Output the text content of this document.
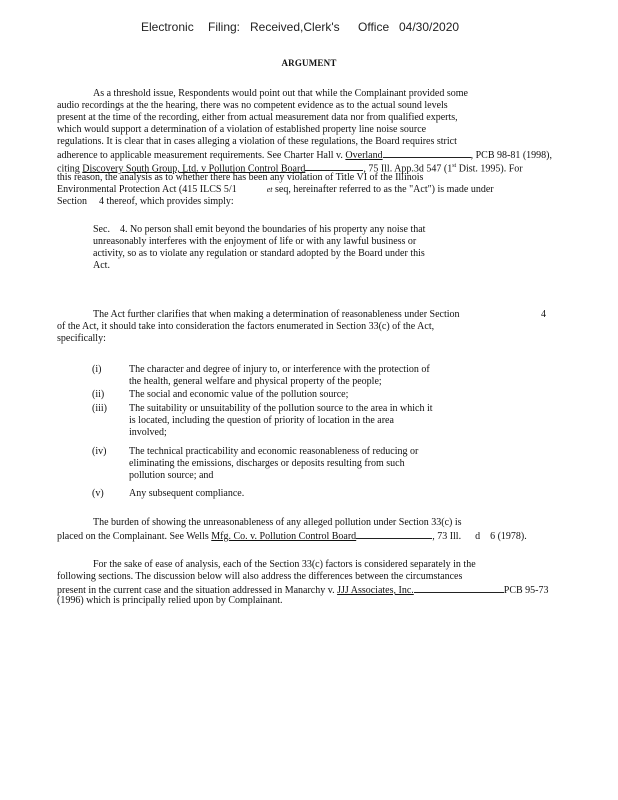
Electronic Filing: Received,Clerk's Office 04/30/2020
ARGUMENT
As a threshold issue, Respondents would point out that while the Complainant provided some
audio recordings at the the hearing, there was no competent evidence as to the actual sound levels
present at the time of the recording, either from actual measurement data nor from qualified experts,
which would support a determination of a violation of established property line noise source
regulations. It is clear that in cases alleging a violation of these regulations, the Board requires strict
adherence to applicable measurement requirements. See Charter Hall v. Overland	, PCB 98-81 (1998),
citing Discovery South Group, Ltd. v Pollution Control Board	, 75 Ill. App.3d 547 (1st Dist. 1995). For
this reason, the analysis as to whether there has been any violation of Title VI of the Illinois
Environmental Protection Act (415 ILCS 5/1	et seq, hereinafter referred to as the "Act") is made under
Section 4 thereof, which provides simply:
Sec. 4. No person shall emit beyond the boundaries of his property any noise that
unreasonably interferes with the enjoyment of life or with any lawful business or
activity, so as to violate any regulation or standard adopted by the Board under this
Act.
The Act further clarifies that when making a determination of reasonableness under Section	4
of the Act, it should take into consideration the factors enumerated in Section 33(c) of the Act,
specifically:
(i)	The character and degree of injury to, or interference with the protection of
the health, general welfare and physical property of the people;
(ii) The social and economic value of the pollution source;
(iii) The suitability or unsuitability of the pollution source to the area in which it
is located, including the question of priority of location in the area
involved;
(iv) The technical practicability and economic reasonableness of reducing or
eliminating the emissions, discharges or deposits resulting from such
pollution source; and
(v)	Any subsequent compliance.
The burden of showing the unreasonableness of any alleged pollution under Section 33(c) is
placed on the Complainant. See Wells Mfg. Co. v. Pollution Control Board	, 73 Ill. d 6 (1978).
For the sake of ease of analysis, each of the Section 33(c) factors is considered separately in the
following sections. The discussion below will also address the differences between the circumstances
present in the current case and the situation addressed in Manarchy v. JJJ Associates, Inc.	PCB 95-73
(1996) which is principally relied upon by Complainant.
